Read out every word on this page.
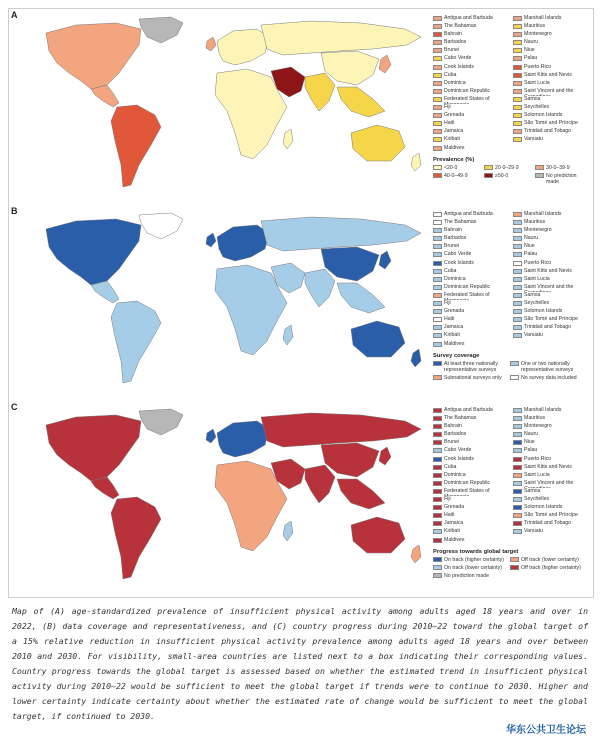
A	Antigua and Barbuda
The Bahamas
Bahrain
Barbados
Brunei
Cabo Verde
Cook Islands
Cuba
Dominica
Dominican Republic
Federated States of
Fiji
Grenada
Haiti
Jamaica
Kiribati
Maldives
Marshall Islands
Mauritius
Montenegro
Nauru
Niue
Palau
Puerto Rico
Saint Kitts and Nevis
Saint Lucia
Saint Vincent and the
Samoa
Seychelles
Solomon Islands
São Tomé and Príncipe
Trinidad and Tobago
Vanuatu
Prevalence (%)
<20·0	20·0–29·9	30·0–39·9
40·0–49·9	≥50·0	No prediction made
B	Antigua and Barbuda
The Bahamas
Bahrain
Barbados
Brunei
Cabo Verde
Cook Islands
Cuba
Dominica
Dominican Republic
Federated States of
Fiji
Grenada
Haiti
Jamaica
Kiribati
Maldives
Marshall Islands
Mauritius
Montenegro
Nauru
Niue
Palau
Puerto Rico
Saint Kitts and Nevis
Saint Lucia
Saint Vincent and the
Samoa
Seychelles
Solomon Islands
São Tomé and Príncipe
Trinidad and Tobago
Vanuatu
Survey coverage
At least three nationally representative surveys
One or two nationally representative surveys
Subnational surveys only	No survey data included
C	Antigua and Barbuda
The Bahamas
Bahrain
Barbados
Brunei
Cabo Verde
Cook Islands
Cuba
Dominica
Dominican Republic
Federated States of
Fiji
Grenada
Haiti
Jamaica
Kiribati
Maldives
Marshall Islands
Mauritius
Montenegro
Nauru
Niue
Palau
Puerto Rico
Saint Kitts and Nevis
Saint Lucia
Saint Vincent and the
Samoa
Seychelles
Solomon Islands
São Tomé and Príncipe
Trinidad and Tobago
Vanuatu
Progress towards global target
On track (higher certainty)	Off track (lower certainty)
On track (lower certainty)	Off track (higher certainty)
No prediction made
Map of (A) age-standardized prevalence of insufficient physical activity among adults aged 18 years and over in 2022, (B) data coverage and representativeness, and (C) country progress during 2010–22 toward the global target of a 15% relative reduction in insufficient physical activity prevalence among adults aged 18 years and over between 2010 and 2030. For visibility, small-area countries are listed next to a box indicating their corresponding values. Country progress towards the global target is assessed based on whether the estimated trend in insufficient physical activity during 2010–22 would be sufficient to meet the global target if trends were to continue to 2030. Higher and lower certainty indicate certainty about whether the estimated rate of change would be sufficient to meet the global target, if continued to 2030.
华东公共卫生论坛
